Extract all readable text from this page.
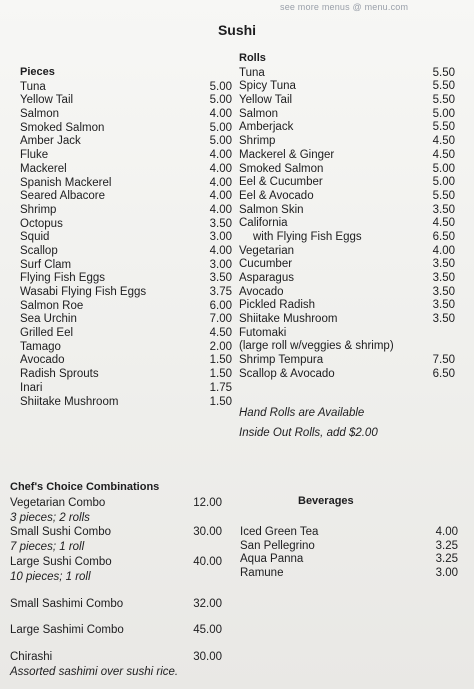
see more menus @ menu.com
Sushi
Pieces
Tuna	5.00
Yellow Tail	5.00
Salmon	4.00
Smoked Salmon	5.00
Amber Jack	5.00
Fluke	4.00
Mackerel	4.00
Spanish Mackerel	4.00
Seared Albacore	4.00
Shrimp	4.00
Octopus	3.50
Squid	3.00
Scallop	4.00
Surf Clam	3.00
Flying Fish Eggs	3.50
Wasabi Flying Fish Eggs	3.75
Salmon Roe	6.00
Sea Urchin	7.00
Grilled Eel	4.50
Tamago	2.00
Avocado	1.50
Radish Sprouts	1.50
Inari	1.75
Shiitake Mushroom	1.50
Rolls
Tuna	5.50
Spicy Tuna	5.50
Yellow Tail	5.50
Salmon	5.00
Amberjack	5.50
Shrimp	4.50
Mackerel & Ginger	4.50
Smoked Salmon	5.00
Eel & Cucumber	5.00
Eel & Avocado	5.50
Salmon Skin	3.50
California	4.50
with Flying Fish Eggs	6.50
Vegetarian	4.00
Cucumber	3.50
Asparagus	3.50
Avocado	3.50
Pickled Radish	3.50
Shiitake Mushroom	3.50
Futomaki
(large roll w/veggies & shrimp)
Shrimp Tempura	7.50
Scallop & Avocado	6.50
Hand Rolls are Available
Inside Out Rolls, add $2.00
Chef's Choice Combinations
Vegetarian Combo	12.00
3 pieces; 2 rolls
Small Sushi Combo	30.00
7 pieces; 1 roll
Large Sushi Combo	40.00
10 pieces; 1 roll
Small Sashimi Combo	32.00
Large Sashimi Combo	45.00
Chirashi	30.00
Assorted sashimi over sushi rice.
Beverages
Iced Green Tea	4.00
San Pellegrino	3.25
Aqua Panna	3.25
Ramune	3.00
